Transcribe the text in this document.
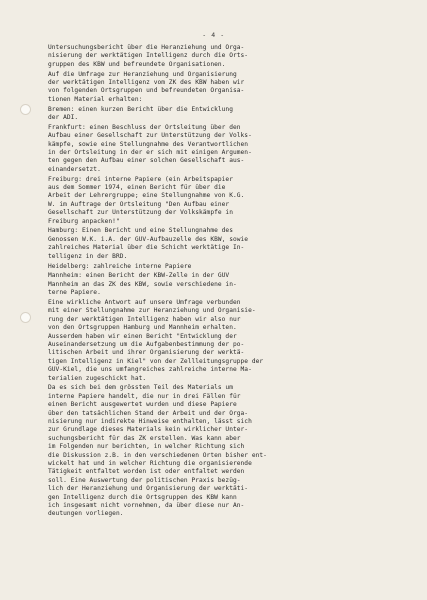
- 4 -
Untersuchungsbericht über die Heranziehung und Orga-
nisierung der werktätigen Intelligenz durch die Orts-
gruppen des KBW und befreundete Organisationen.
Auf die Umfrage zur Heranziehung und Organisierung
der werktätigen Intelligenz vom ZK des KBW haben wir
von folgenden Ortsgruppen und befreundeten Organisa-
tionen Material erhalten:
Bremen: einen kurzen Bericht über die Entwicklung
der ADI.
Frankfurt: einen Beschluss der Ortsleitung über den
Aufbau einer Gesellschaft zur Unterstützung der Volks-
kämpfe, sowie eine Stellungnahme des Verantwortlichen
in der Ortsleitung in der er sich mit einigen Argumen-
ten gegen den Aufbau einer solchen Gesellschaft aus-
einandersetzt.
Freiburg: drei interne Papiere (ein Arbeitspapier
aus dem Sommer 1974, einen Bericht für über die
Arbeit der Lehrergruppe; eine Stellungnahme von K.G.
W. im Auftrage der Ortsleitung "Den Aufbau einer
Gesellschaft zur Unterstützung der Volkskämpfe in
Freiburg anpacken!"
Hamburg: Einen Bericht und eine Stellungnahme des
Genossen W.K. i.A. der GUV-Aufbauzelle des KBW, sowie
zahlreiches Material über die Schicht werktätige In-
telligenz in der BRD.
Heidelberg: zahlreiche interne Papiere
Mannheim: einen Bericht der KBW-Zelle in der GUV
Mannheim an das ZK des KBW, sowie verschiedene in-
terne Papiere.
Eine wirkliche Antwort auf unsere Umfrage verbunden
mit einer Stellungnahme zur Heranziehung und Organisie-
rung der werktätigen Intelligenz haben wir also nur
von den Ortsgruppen Hamburg und Mannheim erhalten.
Ausserdem haben wir einen Bericht "Entwicklung der
Auseinandersetzung um die Aufgabenbestimmung der po-
litischen Arbeit und ihrer Organisierung der werktä-
tigen Intelligenz in Kiel" von der Zellleitungsgruppe der
GUV-Kiel, die uns umfangreiches zahlreiche interne Ma-
terialien zugeschickt hat.
Da es sich bei dem grössten Teil des Materials um
interne Papiere handelt, die nur in drei Fällen für
einen Bericht ausgewertet wurden und diese Papiere
über den tatsächlichen Stand der Arbeit und der Orga-
nisierung nur indirekte Hinweise enthalten, lässt sich
zur Grundlage dieses Materials kein wirklicher Unter-
suchungsbericht für das ZK erstellen. Was kann aber
im Folgenden nur berichten, in welcher Richtung sich
die Diskussion z.B. in den verschiedenen Orten bisher ent-
wickelt hat und in welcher Richtung die organisierende
Tätigkeit entfaltet worden ist oder entfaltet werden
soll. Eine Auswertung der politischen Praxis bezüg-
lich der Heranziehung und Organisierung der werktäti-
gen Intelligenz durch die Ortsgruppen des KBW kann
ich insgesamt nicht vornehmen, da über diese nur An-
deutungen vorliegen.
